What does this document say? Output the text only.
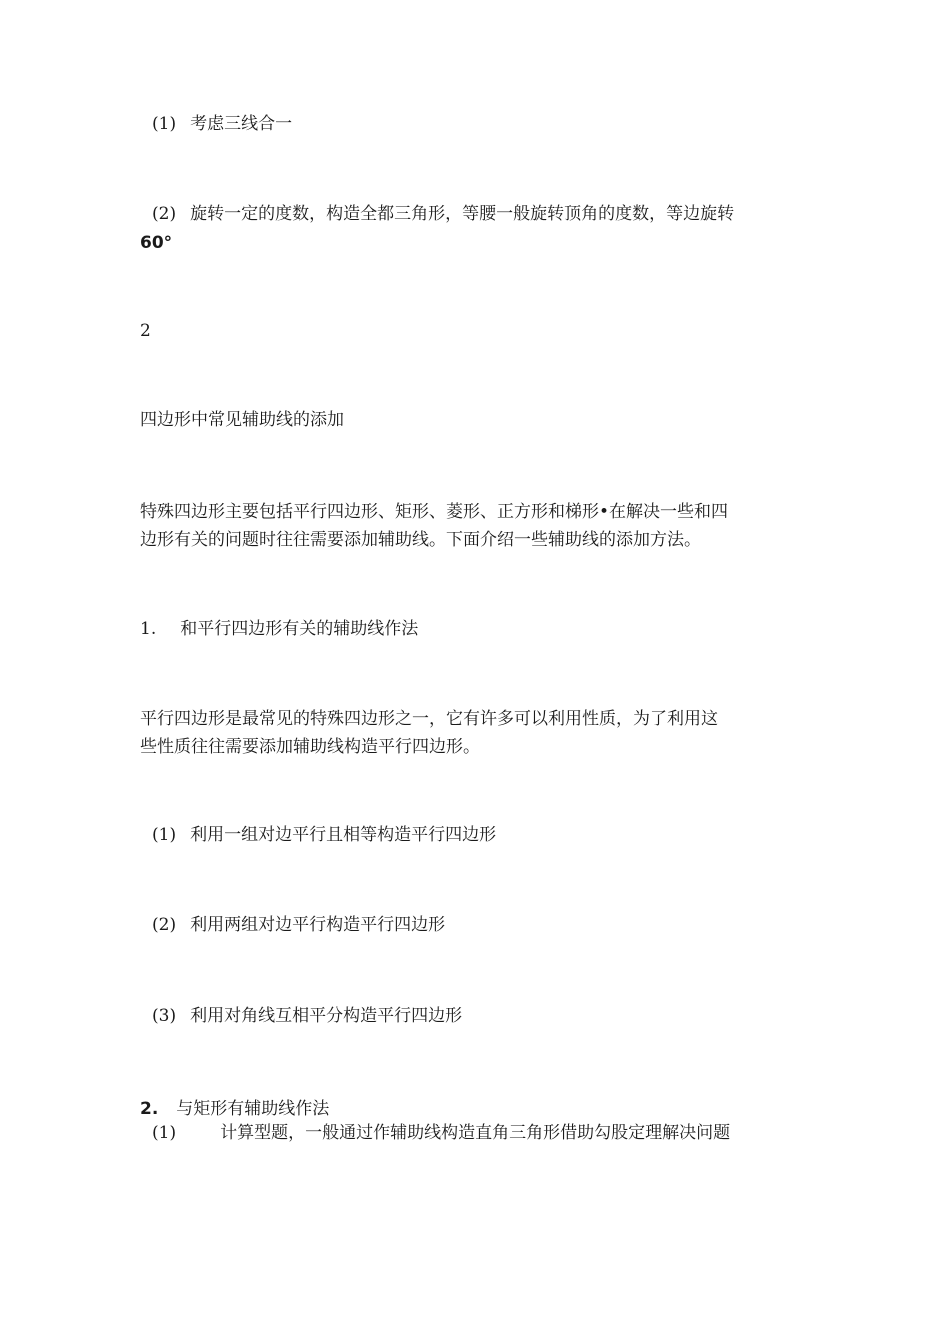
(1) 考虑三线合一
(2) 旋转一定的度数，构造全都三角形，等腰一般旋转顶角的度数，等边旋转
60°
2
四边形中常见辅助线的添加
特殊四边形主要包括平行四边形、矩形、菱形、正方形和梯形•在解决一些和四
边形有关的问题时往往需要添加辅助线。下面介绍一些辅助线的添加方法。
1. 和平行四边形有关的辅助线作法
平行四边形是最常见的特殊四边形之一，它有许多可以利用性质，为了利用这
些性质往往需要添加辅助线构造平行四边形。
(1) 利用一组对边平行且相等构造平行四边形
(2) 利用两组对边平行构造平行四边形
(3) 利用对角线互相平分构造平行四边形
2. 与矩形有辅助线作法
(1)	计算型题，一般通过作辅助线构造直角三角形借助勾股定理解决问题
